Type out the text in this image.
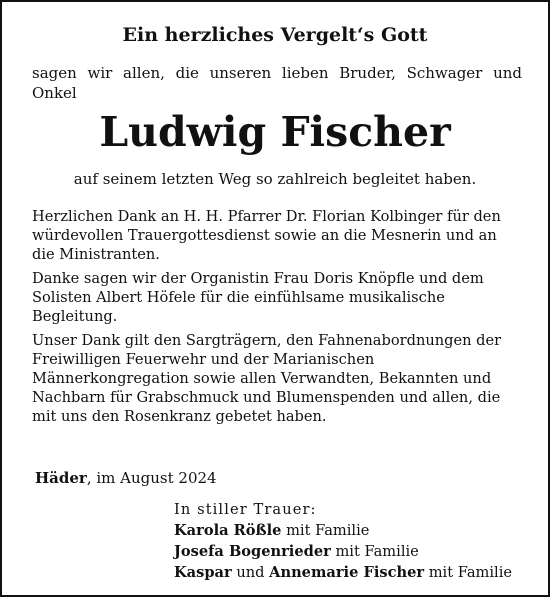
Ein herzliches Vergelt‘s Gott
sagen wir allen, die unseren lieben Bruder, Schwager und Onkel
Ludwig Fischer
auf seinem letzten Weg so zahlreich begleitet haben.

Herzlichen Dank an H. H. Pfarrer Dr. Florian Kolbinger für den würdevollen Trauergottesdienst sowie an die Mesnerin und an die Ministranten.

Danke sagen wir der Organistin Frau Doris Knöpfle und dem Solisten Albert Höfele für die einfühlsame musikalische Begleitung.

Unser Dank gilt den Sargträgern, den Fahnenabordnungen der Freiwilligen Feuerwehr und der Marianischen Männerkongregation sowie allen Verwandten, Bekannten und Nachbarn für Grabschmuck und Blumenspenden und allen, die mit uns den Rosenkranz gebetet haben.

Häder, im August 2024
In stiller Trauer:
Karola Rößle mit Familie
Josefa Bogenrieder mit Familie
Kaspar und Annemarie Fischer mit Familie
